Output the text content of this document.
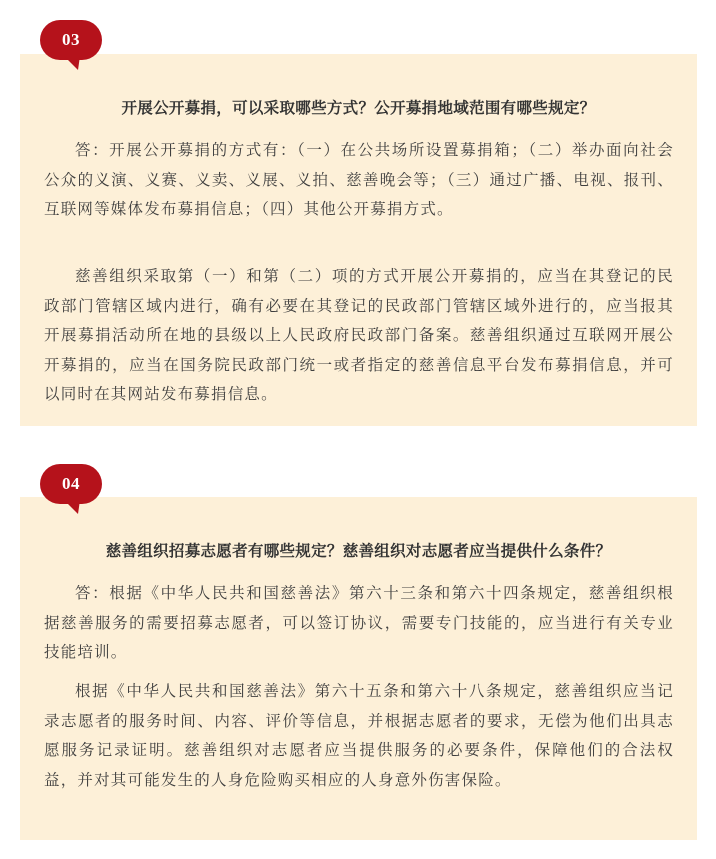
开展公开募捐，可以采取哪些方式？公开募捐地域范围有哪些规定？

答：开展公开募捐的方式有：（一）在公共场所设置募捐箱；（二）举办面向社会公众的义演、义赛、义卖、义展、义拍、慈善晚会等；（三）通过广播、电视、报刊、互联网等媒体发布募捐信息；（四）其他公开募捐方式。

慈善组织采取第（一）和第（二）项的方式开展公开募捐的，应当在其登记的民政部门管辖区域内进行，确有必要在其登记的民政部门管辖区域外进行的，应当报其开展募捐活动所在地的县级以上人民政府民政部门备案。慈善组织通过互联网开展公开募捐的，应当在国务院民政部门统一或者指定的慈善信息平台发布募捐信息，并可以同时在其网站发布募捐信息。

03
慈善组织招募志愿者有哪些规定？慈善组织对志愿者应当提供什么条件？

答：根据《中华人民共和国慈善法》第六十三条和第六十四条规定，慈善组织根据慈善服务的需要招募志愿者，可以签订协议，需要专门技能的，应当进行有关专业技能培训。

根据《中华人民共和国慈善法》第六十五条和第六十八条规定，慈善组织应当记录志愿者的服务时间、内容、评价等信息，并根据志愿者的要求，无偿为他们出具志愿服务记录证明。慈善组织对志愿者应当提供服务的必要条件，保障他们的合法权益，并对其可能发生的人身危险购买相应的人身意外伤害保险。

04
